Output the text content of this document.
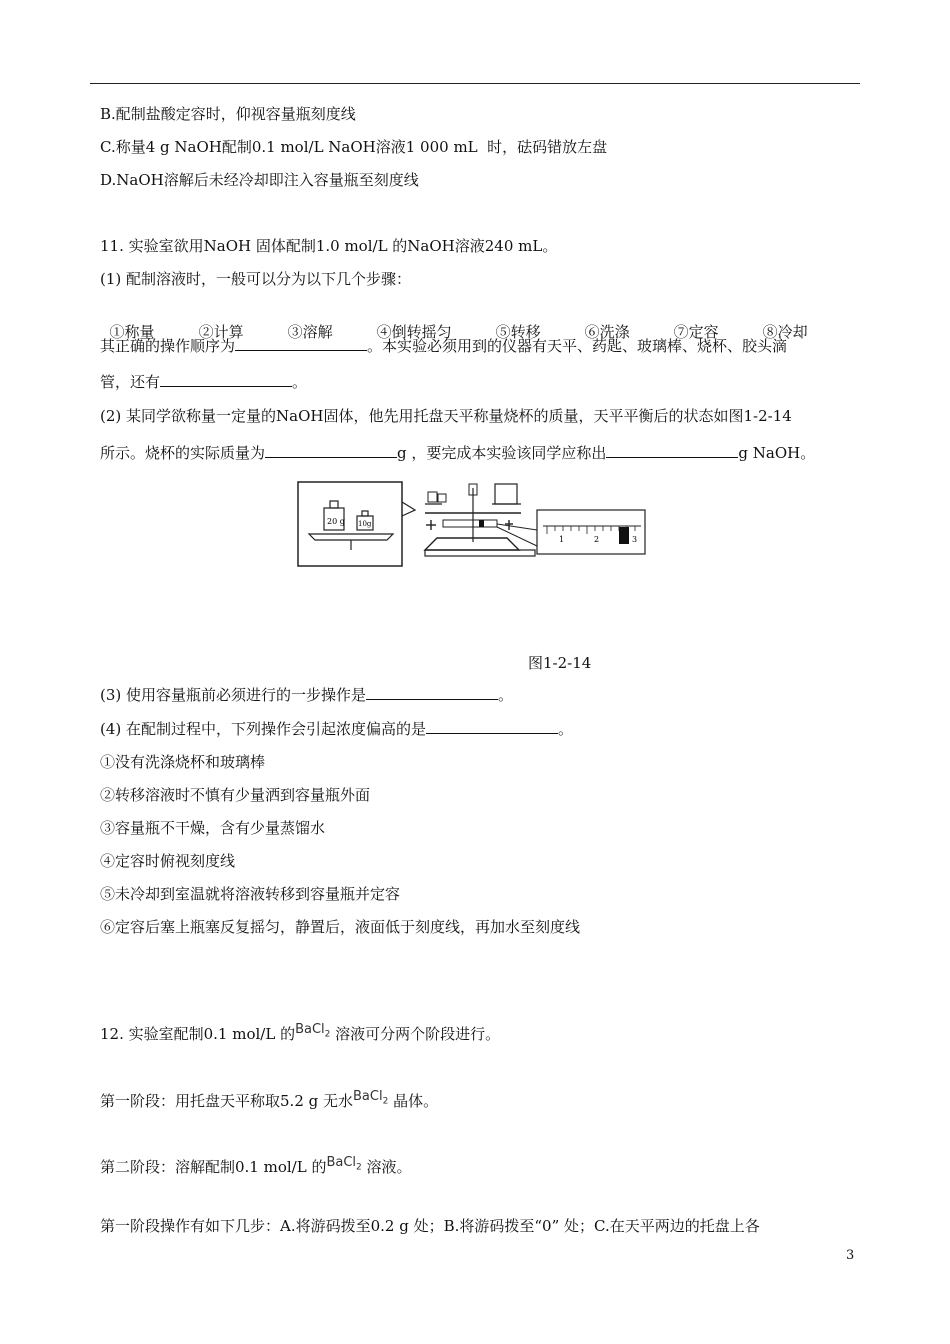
B.配制盐酸定容时，仰视容量瓶刻度线
C.称量4 g NaOH配制0.1 mol/L NaOH溶液1 000 mL  时，砝码错放左盘
D.NaOH溶解后未经冷却即注入容量瓶至刻度线
11. 实验室欲用NaOH 固体配制1.0 mol/L 的NaOH溶液240 mL。
(1) 配制溶液时，一般可以分为以下几个步骤：

①称量	②计算	③溶解	④倒转摇匀	⑤转移	⑥洗涤	⑦定容	⑧冷却

其正确的操作顺序为	。本实验必须用到的仪器有天平、药匙、玻璃棒、烧杯、胶头滴
管，还有	。
(2) 某同学欲称量一定量的NaOH固体，他先用托盘天平称量烧杯的质量，天平平衡后的状态如图1-2-14
所示。烧杯的实际质量为	g ，要完成本实验该同学应称出	g NaOH。
20 g 10g
1	2	3
图1-2-14
(3) 使用容量瓶前必须进行的一步操作是	。
(4) 在配制过程中，下列操作会引起浓度偏高的是	。
①没有洗涤烧杯和玻璃棒
②转移溶液时不慎有少量洒到容量瓶外面
③容量瓶不干燥，含有少量蒸馏水
④定容时俯视刻度线
⑤未冷却到室温就将溶液转移到容量瓶并定容
⑥定容后塞上瓶塞反复摇匀，静置后，液面低于刻度线，再加水至刻度线
12. 实验室配制0.1 mol/L 的BaCl$_2$ 溶液可分两个阶段进行。
第一阶段：用托盘天平称取5.2 g 无水BaCl$_2$ 晶体。
第二阶段：溶解配制0.1 mol/L 的BaCl$_2$ 溶液。
第一阶段操作有如下几步：A.将游码拨至0.2 g 处；B.将游码拨至“0” 处；C.在天平两边的托盘上各
3
